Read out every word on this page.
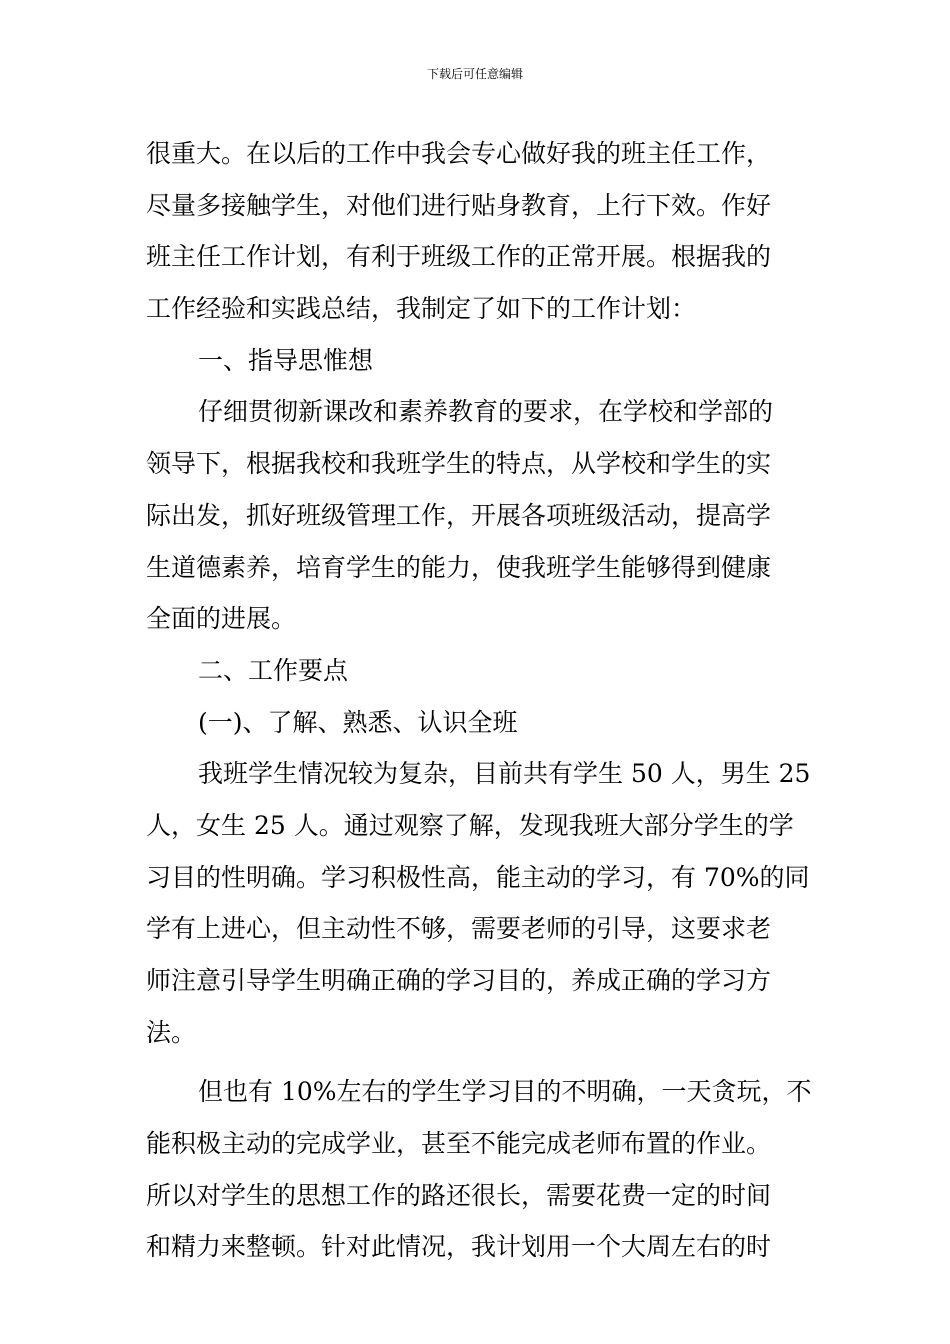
下载后可任意编辑
很重大。在以后的工作中我会专心做好我的班主任工作，
尽量多接触学生，对他们进行贴身教育，上行下效。作好
班主任工作计划，有利于班级工作的正常开展。根据我的
工作经验和实践总结，我制定了如下的工作计划：
一、指导思惟想
仔细贯彻新课改和素养教育的要求，在学校和学部的
领导下，根据我校和我班学生的特点，从学校和学生的实
际出发，抓好班级管理工作，开展各项班级活动，提高学
生道德素养，培育学生的能力，使我班学生能够得到健康
全面的进展。
二、工作要点
(一)、了解、熟悉、认识全班
我班学生情况较为复杂，目前共有学生 50 人，男生 25
人，女生 25 人。通过观察了解，发现我班大部分学生的学
习目的性明确。学习积极性高，能主动的学习，有 70%的同
学有上进心，但主动性不够，需要老师的引导，这要求老
师注意引导学生明确正确的学习目的，养成正确的学习方
法。
但也有 10%左右的学生学习目的不明确，一天贪玩，不
能积极主动的完成学业，甚至不能完成老师布置的作业。
所以对学生的思想工作的路还很长，需要花费一定的时间
和精力来整顿。针对此情况，我计划用一个大周左右的时
